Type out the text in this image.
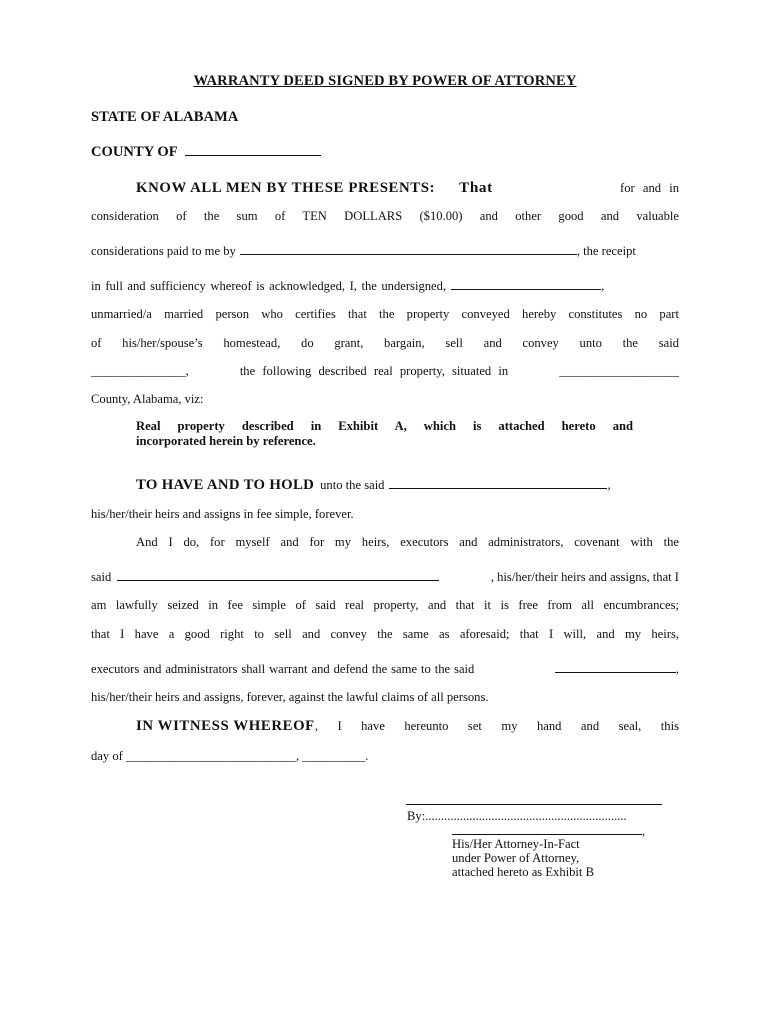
WARRANTY DEED SIGNED BY POWER OF ATTORNEY
STATE OF ALABAMA
COUNTY OF
KNOW ALL MEN BY THESE PRESENTS: That	for and in
consideration of the sum of TEN DOLLARS ($10.00) and other good and valuable
considerations paid to me by	, the receipt
in full and sufficiency whereof is acknowledged, I, the undersigned,	,
unmarried/a married person who certifies that the property conveyed hereby constitutes no part
of his/her/spouse’s homestead, do grant, bargain, sell and convey unto the said
_______________,	the following described real property, situated in	___________________
County, Alabama, viz:
Real property described in Exhibit A, which is attached hereto and
incorporated herein by reference.
TO HAVE AND TO HOLD unto the said	,
his/her/their heirs and assigns in fee simple, forever.
And I do, for myself and for my heirs, executors and administrators, covenant with the
said	, his/her/their heirs and assigns, that I
am lawfully seized in fee simple of said real property, and that it is free from all encumbrances;
that I have a good right to sell and convey the same as aforesaid; that I will, and my heirs,
executors and administrators shall warrant and defend the same to the said	,
his/her/their heirs and assigns, forever, against the lawful claims of all persons.
IN WITNESS WHEREOF , I have hereunto set my hand and seal, this
day of ___________________________, __________.
By:................................................................
,
His/Her Attorney-In-Fact
under Power of Attorney,
attached hereto as Exhibit B
